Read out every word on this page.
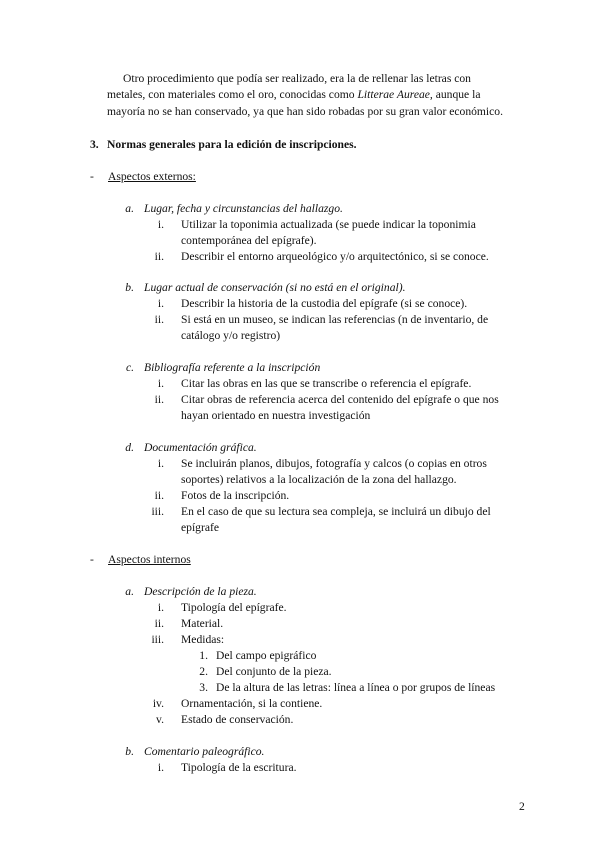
Otro procedimiento que podía ser realizado, era la de rellenar las letras con
metales, con materiales como el oro, conocidas como Litterae Aureae, aunque la
mayoría no se han conservado, ya que han sido robadas por su gran valor económico.
3. Normas generales para la edición de inscripciones.
- Aspectos externos:
a. Lugar, fecha y circunstancias del hallazgo.
i. Utilizar la toponimia actualizada (se puede indicar la toponimia
contemporánea del epígrafe).
ii. Describir el entorno arqueológico y/o arquitectónico, si se conoce.
b. Lugar actual de conservación (si no está en el original).
i. Describir la historia de la custodia del epígrafe (si se conoce).
ii. Si está en un museo, se indican las referencias (n de inventario, de
catálogo y/o registro)
c. Bibliografía referente a la inscripción
i. Citar las obras en las que se transcribe o referencia el epígrafe.
ii. Citar obras de referencia acerca del contenido del epígrafe o que nos
hayan orientado en nuestra investigación
d. Documentación gráfica.
i. Se incluirán planos, dibujos, fotografía y calcos (o copias en otros
soportes) relativos a la localización de la zona del hallazgo.
ii. Fotos de la inscripción.
iii. En el caso de que su lectura sea compleja, se incluirá un dibujo del
epígrafe
- Aspectos internos
a. Descripción de la pieza.
i. Tipología del epígrafe.
ii. Material.
iii. Medidas:
1. Del campo epigráfico
2. Del conjunto de la pieza.
3. De la altura de las letras: línea a línea o por grupos de líneas
iv. Ornamentación, si la contiene.
v. Estado de conservación.
b. Comentario paleográfico.
i. Tipología de la escritura.
2
